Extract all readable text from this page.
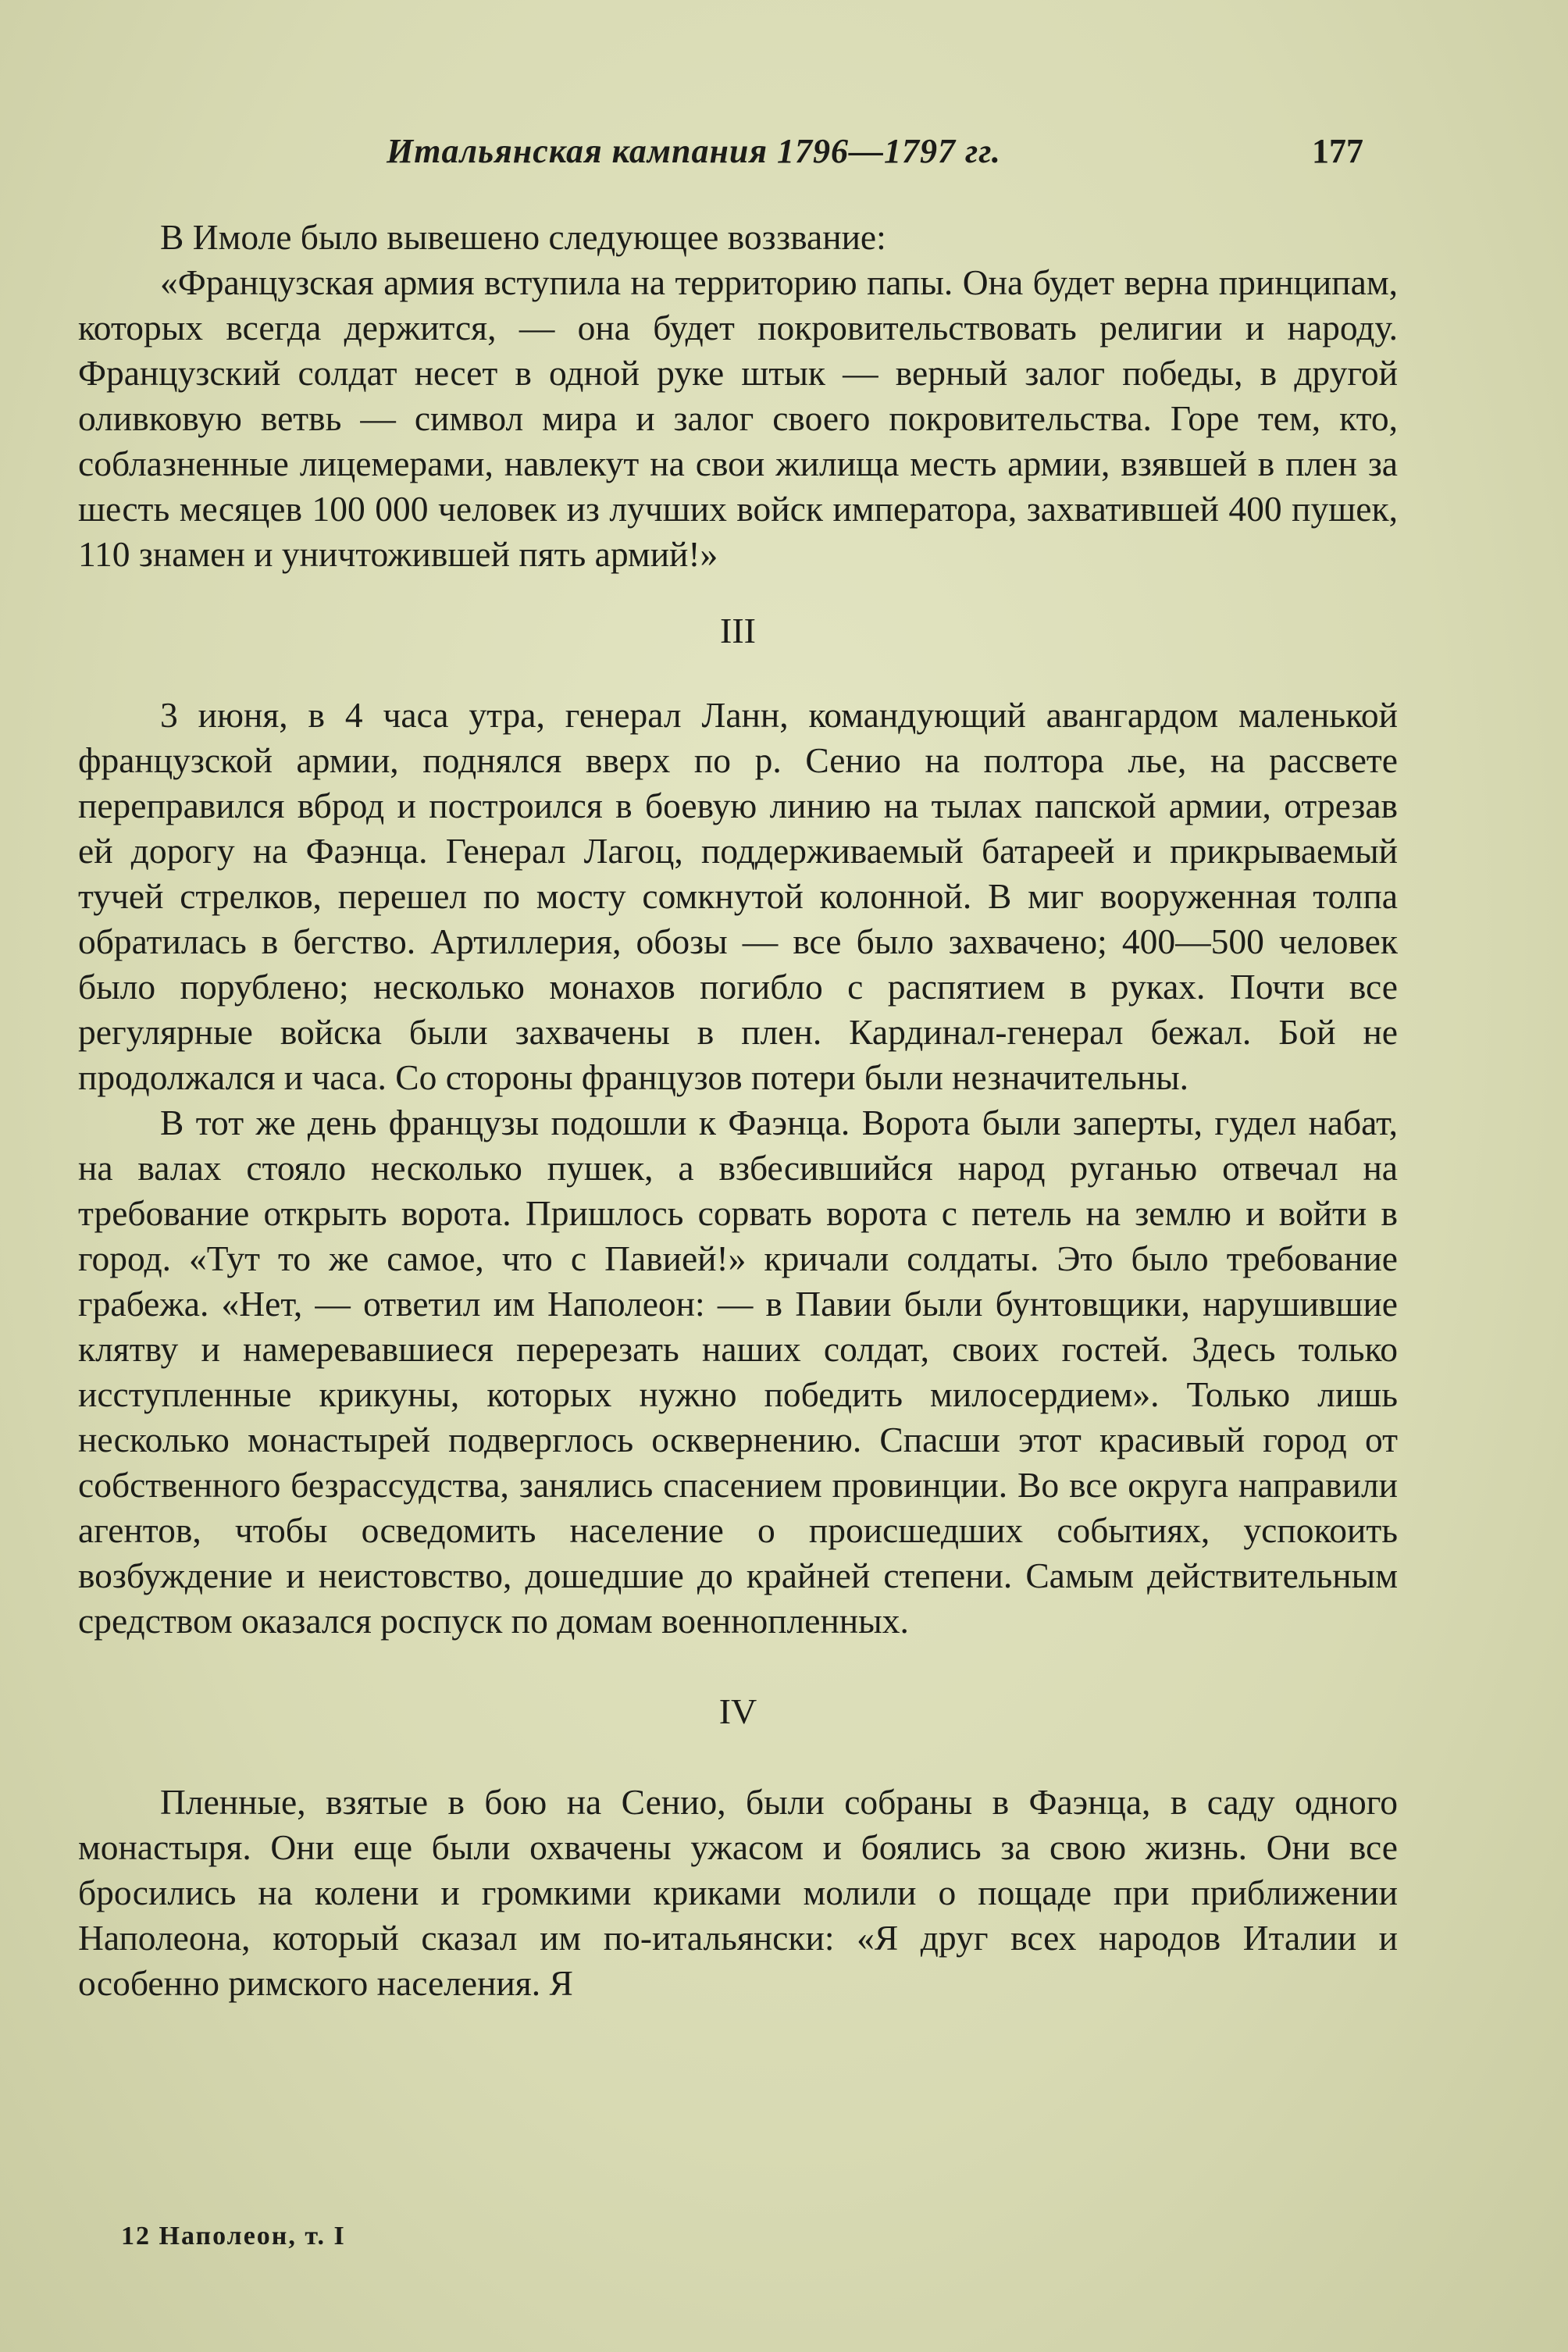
Итальянская кампания 1796—1797 гг.	177

В Имоле было вывешено следующее воззвание:

«Французская армия вступила на территорию папы. Она будет верна принципам, которых всегда держится, — она будет покровительствовать религии и народу. Французский солдат несет в одной руке штык — верный залог победы, в другой оливковую ветвь — символ мира и залог своего покровительства. Горе тем, кто, соблазненные лицемерами, навлекут на свои жилища месть армии, взявшей в плен за шесть месяцев 100 000 человек из лучших войск императора, захватившей 400 пушек, 110 знамен и уничтожившей пять армий!»

III

3 июня, в 4 часа утра, генерал Ланн, командующий авангардом маленькой французской армии, поднялся вверх по р. Сенио на полтора лье, на рассвете переправился вброд и построился в боевую линию на тылах папской армии, отрезав ей дорогу на Фаэнца. Генерал Лагоц, поддерживаемый батареей и прикрываемый тучей стрелков, перешел по мосту сомкнутой колонной. В миг вооруженная толпа обратилась в бегство. Артиллерия, обозы — все было захвачено; 400—500 человек было порублено; несколько монахов погибло с распятием в руках. Почти все регулярные войска были захвачены в плен. Кардинал-генерал бежал. Бой не продолжался и часа. Со стороны французов потери были незначительны.

В тот же день французы подошли к Фаэнца. Ворота были заперты, гудел набат, на валах стояло несколько пушек, а взбесившийся народ руганью отвечал на требование открыть ворота. Пришлось сорвать ворота с петель на землю и войти в город. «Тут то же самое, что с Павией!» кричали солдаты. Это было требование грабежа. «Нет, — ответил им Наполеон: — в Павии были бунтовщики, нарушившие клятву и намеревавшиеся перерезать наших солдат, своих гостей. Здесь только исступленные крикуны, которых нужно победить милосердием». Только лишь несколько монастырей подверглось осквернению. Спасши этот красивый город от собственного безрассудства, занялись спасением провинции. Во все округа направили агентов, чтобы осведомить население о происшедших событиях, успокоить возбуждение и неистовство, дошедшие до крайней степени. Самым действительным средством оказался роспуск по домам военнопленных.

IV

Пленные, взятые в бою на Сенио, были собраны в Фаэнца, в саду одного монастыря. Они еще были охвачены ужасом и боялись за свою жизнь. Они все бросились на колени и громкими криками молили о пощаде при приближении Наполеона, который сказал им по-итальянски: «Я друг всех народов Италии и особенно римского населения. Я

12 Наполеон, т. I
